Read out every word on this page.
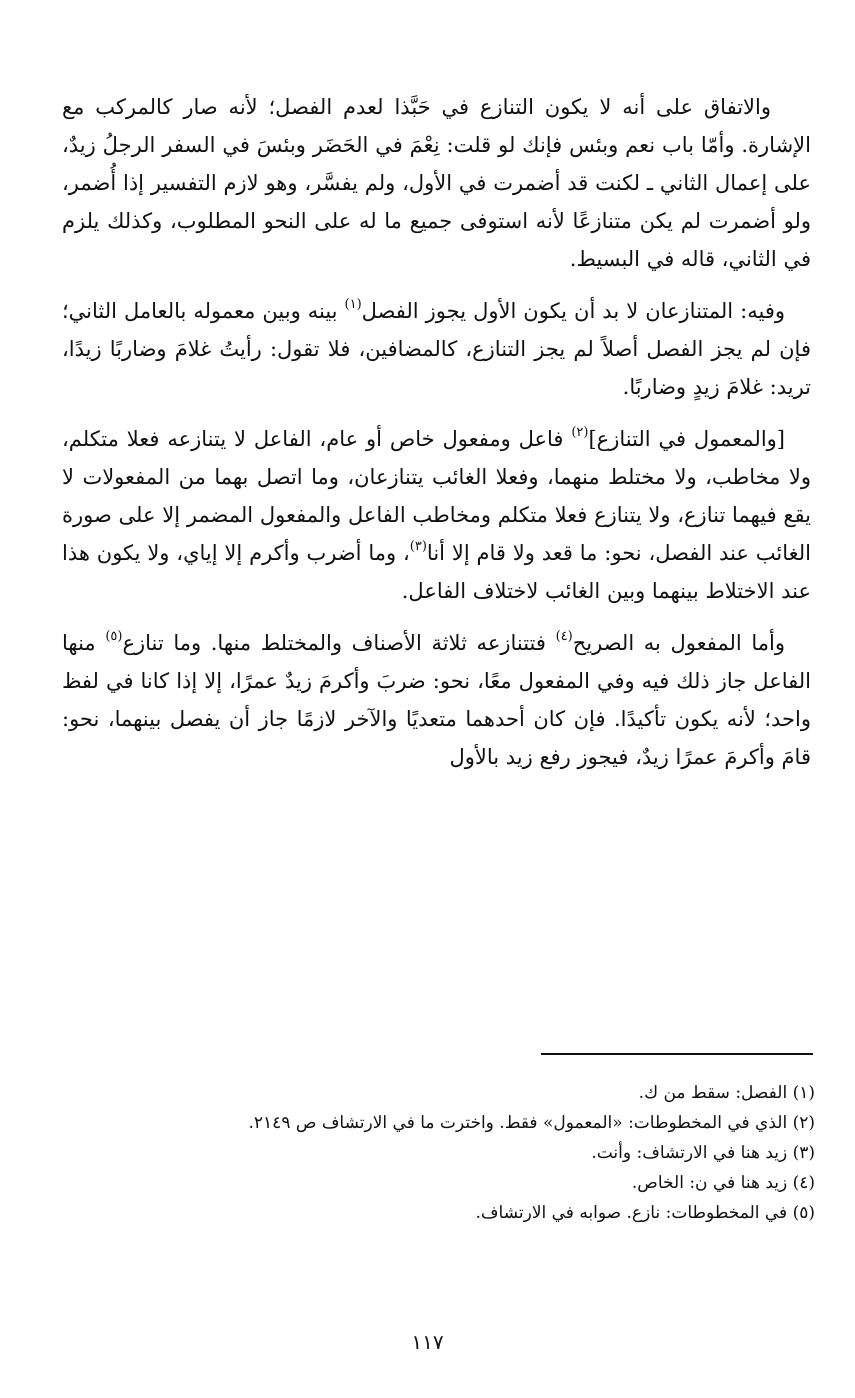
والاتفاق على أنه لا يكون التنازع في حَبَّذا لعدم الفصل؛ لأنه صار كالمركب مع الإشارة. وأمّا باب نعم وبئس فإنك لو قلت: نِعْمَ في الحَضَر وبئسَ في السفر الرجلُ زيدٌ، على إعمال الثاني ـ لكنت قد أضمرت في الأول، ولم يفسَّر، وهو لازم التفسير إذا أُضمر، ولو أضمرت لم يكن متنازعًا لأنه استوفى جميع ما له على النحو المطلوب، وكذلك يلزم في الثاني، قاله في البسيط.

وفيه: المتنازعان لا بد أن يكون الأول يجوز الفصل$^{(١)}$ بينه وبين معموله بالعامل الثاني؛ فإن لم يجز الفصل أصلاً لم يجز التنازع، كالمضافين، فلا تقول: رأيتُ غلامَ وضاربًا زيدًا، تريد: غلامَ زيدٍ وضاربًا.

[والمعمول في التنازع]$^{(٢)}$ فاعل ومفعول خاص أو عام، الفاعل لا يتنازعه فعلا متكلم، ولا مخاطب، ولا مختلط منهما، وفعلا الغائب يتنازعان، وما اتصل بهما من المفعولات لا يقع فيهما تنازع، ولا يتنازع فعلا متكلم ومخاطب الفاعل والمفعول المضمر إلا على صورة الغائب عند الفصل، نحو: ما قعد ولا قام إلا أنا$^{(٣)}$، وما أضرب وأكرم إلا إياي، ولا يكون هذا عند الاختلاط بينهما وبين الغائب لاختلاف الفاعل.

وأما المفعول به الصريح$^{(٤)}$ فتتنازعه ثلاثة الأصناف والمختلط منها. وما تنازع$^{(٥)}$ منها الفاعل جاز ذلك فيه وفي المفعول معًا، نحو: ضربَ وأكرمَ زيدٌ عمرًا، إلا إذا كانا في لفظ واحد؛ لأنه يكون تأكيدًا. فإن كان أحدهما متعديًا والآخر لازمًا جاز أن يفصل بينهما، نحو: قامَ وأكرمَ عمرًا زيدٌ، فيجوز رفع زيد بالأول

(١) الفصل: سقط من ك.

(٢) الذي في المخطوطات: «المعمول» فقط. واخترت ما في الارتشاف ص ٢١٤٩.

(٣) زيد هنا في الارتشاف: وأنت.

(٤) زيد هنا في ن: الخاص.

(٥) في المخطوطات: نازع. صوابه في الارتشاف.

١١٧
